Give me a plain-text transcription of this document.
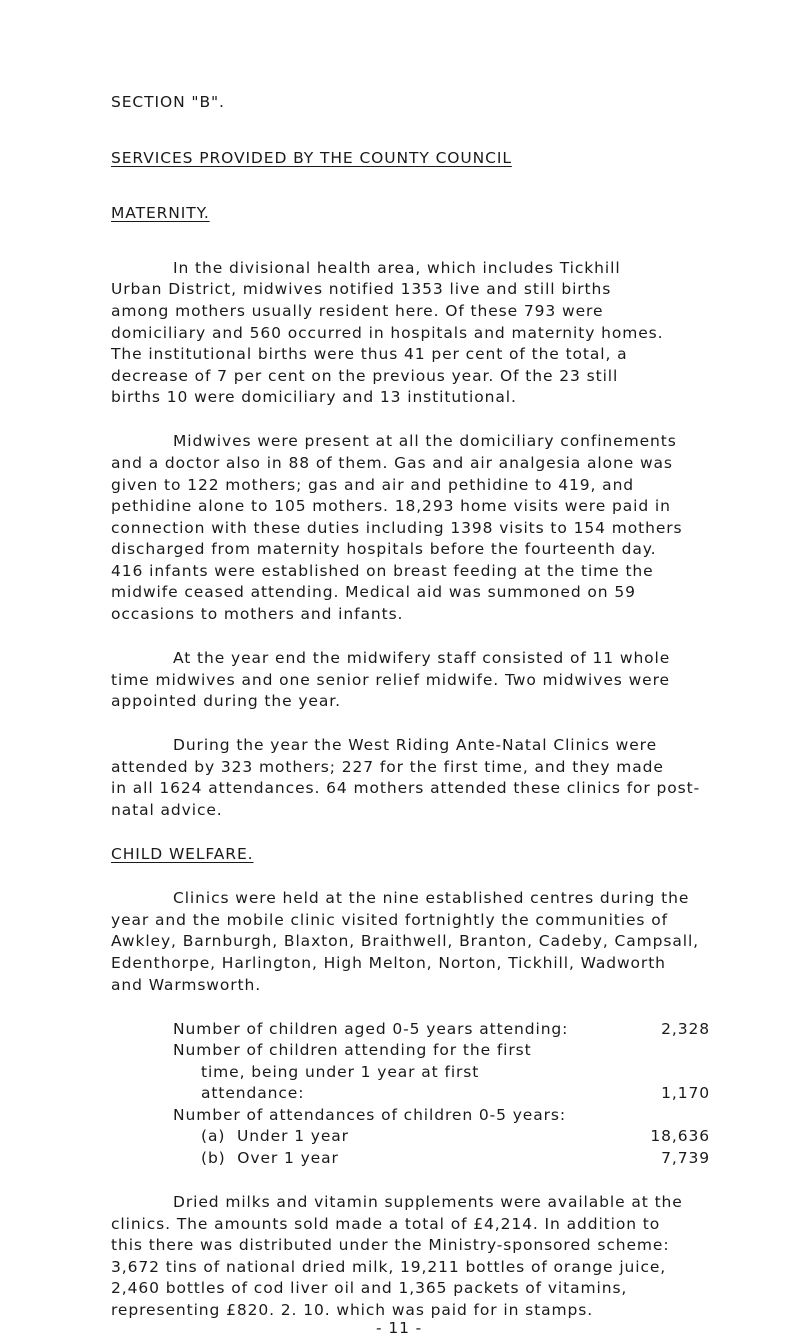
SECTION "B".
SERVICES PROVIDED BY THE COUNTY COUNCIL
MATERNITY.
In the divisional health area, which includes Tickhill
Urban District, midwives notified 1353 live and still births
among mothers usually resident here. Of these 793 were
domiciliary and 560 occurred in hospitals and maternity homes.
The institutional births were thus 41 per cent of the total, a
decrease of 7 per cent on the previous year. Of the 23 still
births 10 were domiciliary and 13 institutional.
Midwives were present at all the domiciliary confinements
and a doctor also in 88 of them. Gas and air analgesia alone was
given to 122 mothers; gas and air and pethidine to 419, and
pethidine alone to 105 mothers. 18,293 home visits were paid in
connection with these duties including 1398 visits to 154 mothers
discharged from maternity hospitals before the fourteenth day.
416 infants were established on breast feeding at the time the
midwife ceased attending. Medical aid was summoned on 59
occasions to mothers and infants.
At the year end the midwifery staff consisted of 11 whole
time midwives and one senior relief midwife. Two midwives were
appointed during the year.
During the year the West Riding Ante-Natal Clinics were
attended by 323 mothers; 227 for the first time, and they made
in all 1624 attendances. 64 mothers attended these clinics for post-
natal advice.
CHILD WELFARE.
Clinics were held at the nine established centres during the
year and the mobile clinic visited fortnightly the communities of
Awkley, Barnburgh, Blaxton, Braithwell, Branton, Cadeby, Campsall,
Edenthorpe, Harlington, High Melton, Norton, Tickhill, Wadworth
and Warmsworth.
Number of children aged 0-5 years attending:	2,328
Number of children attending for the first
time, being under 1 year at first
attendance:	1,170
Number of attendances of children 0-5 years:
(a)  Under 1 year	18,636
(b)  Over 1 year	7,739
Dried milks and vitamin supplements were available at the
clinics. The amounts sold made a total of £4,214. In addition to
this there was distributed under the Ministry-sponsored scheme:
3,672 tins of national dried milk, 19,211 bottles of orange juice,
2,460 bottles of cod liver oil and 1,365 packets of vitamins,
representing £820. 2. 10. which was paid for in stamps.
- 11 -
